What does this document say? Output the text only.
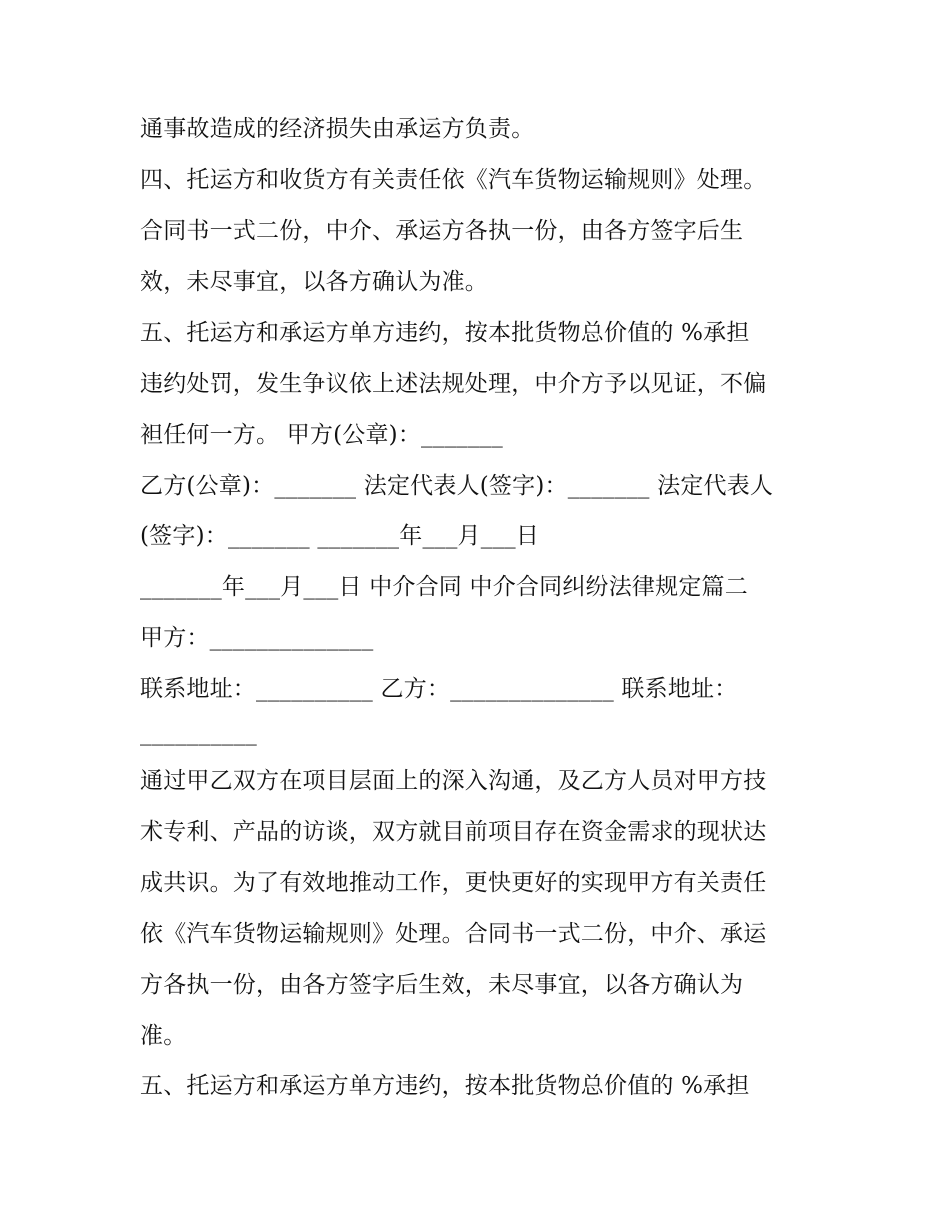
通事故造成的经济损失由承运方负责。
四、托运方和收货方有关责任依《汽车货物运输规则》处理。
合同书一式二份，中介、承运方各执一份，由各方签字后生
效，未尽事宜，以各方确认为准。
五、托运方和承运方单方违约，按本批货物总价值的 %承担
违约处罚，发生争议依上述法规处理，中介方予以见证，不偏
袒任何一方。 甲方(公章)：_______
乙方(公章)：_______ 法定代表人(签字)：_______ 法定代表人
(签字)：_______ _______年___月___日
_______年___月___日 中介合同 中介合同纠纷法律规定篇二
甲方：______________
联系地址：__________ 乙方：______________ 联系地址：
__________
通过甲乙双方在项目层面上的深入沟通，及乙方人员对甲方技
术专利、产品的访谈，双方就目前项目存在资金需求的现状达
成共识。为了有效地推动工作，更快更好的实现甲方有关责任
依《汽车货物运输规则》处理。合同书一式二份，中介、承运
方各执一份，由各方签字后生效，未尽事宜，以各方确认为
准。
五、托运方和承运方单方违约，按本批货物总价值的 %承担
